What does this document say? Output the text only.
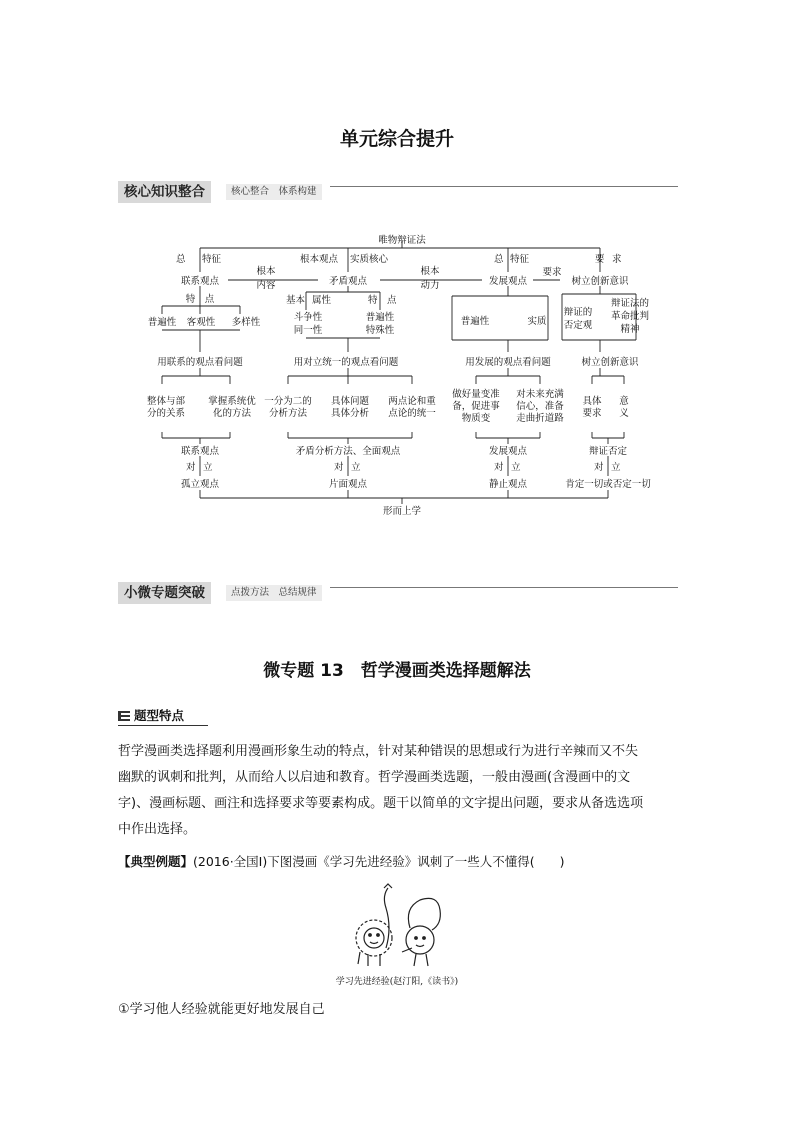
单元综合提升
核心知识整合	核心整合　体系构建
唯物辩证法
总 特征	根本观点 实质核心	总 特征	要 求
联系观点	矛盾观点	发展观点	树立创新意识
根本
内容
根本
动力
要求
特　点
普遍性 客观性 多样性
基本 属性	特　点
斗争性
同一性
普遍性
特殊性
普遍性	实质
辩证的
否定观
辩证法的
革命批判
精神
用联系的观点看问题	用对立统一的观点看问题	用发展的观点看问题	树立创新意识
整体与部
分的关系
掌握系统优
化的方法
一分为二的
分析方法
具体问题
具体分析
两点论和重
点论的统一
做好量变准
备，促进事
物质变
对未来充满
信心，准备
走曲折道路
具体
要求
意
义
联系观点	矛盾分析方法、全面观点	发展观点	辩证否定
对 立	对 立	对 立	对 立
孤立观点	片面观点	静止观点	肯定一切或否定一切
形而上学
小微专题突破	点拨方法　总结规律
微专题 13　哲学漫画类选择题解法
题型特点
哲学漫画类选择题利用漫画形象生动的特点，针对某种错误的思想或行为进行辛辣而又不失
幽默的讽刺和批判，从而给人以启迪和教育。哲学漫画类选题，一般由漫画(含漫画中的文
字)、漫画标题、画注和选择要求等要素构成。题干以简单的文字提出问题，要求从备选选项
中作出选择。
【典型例题】(2016·全国Ⅰ)下图漫画《学习先进经验》讽刺了一些人不懂得(　　)
学习先进经验(赵汀阳,《读书》)
①学习他人经验就能更好地发展自己
